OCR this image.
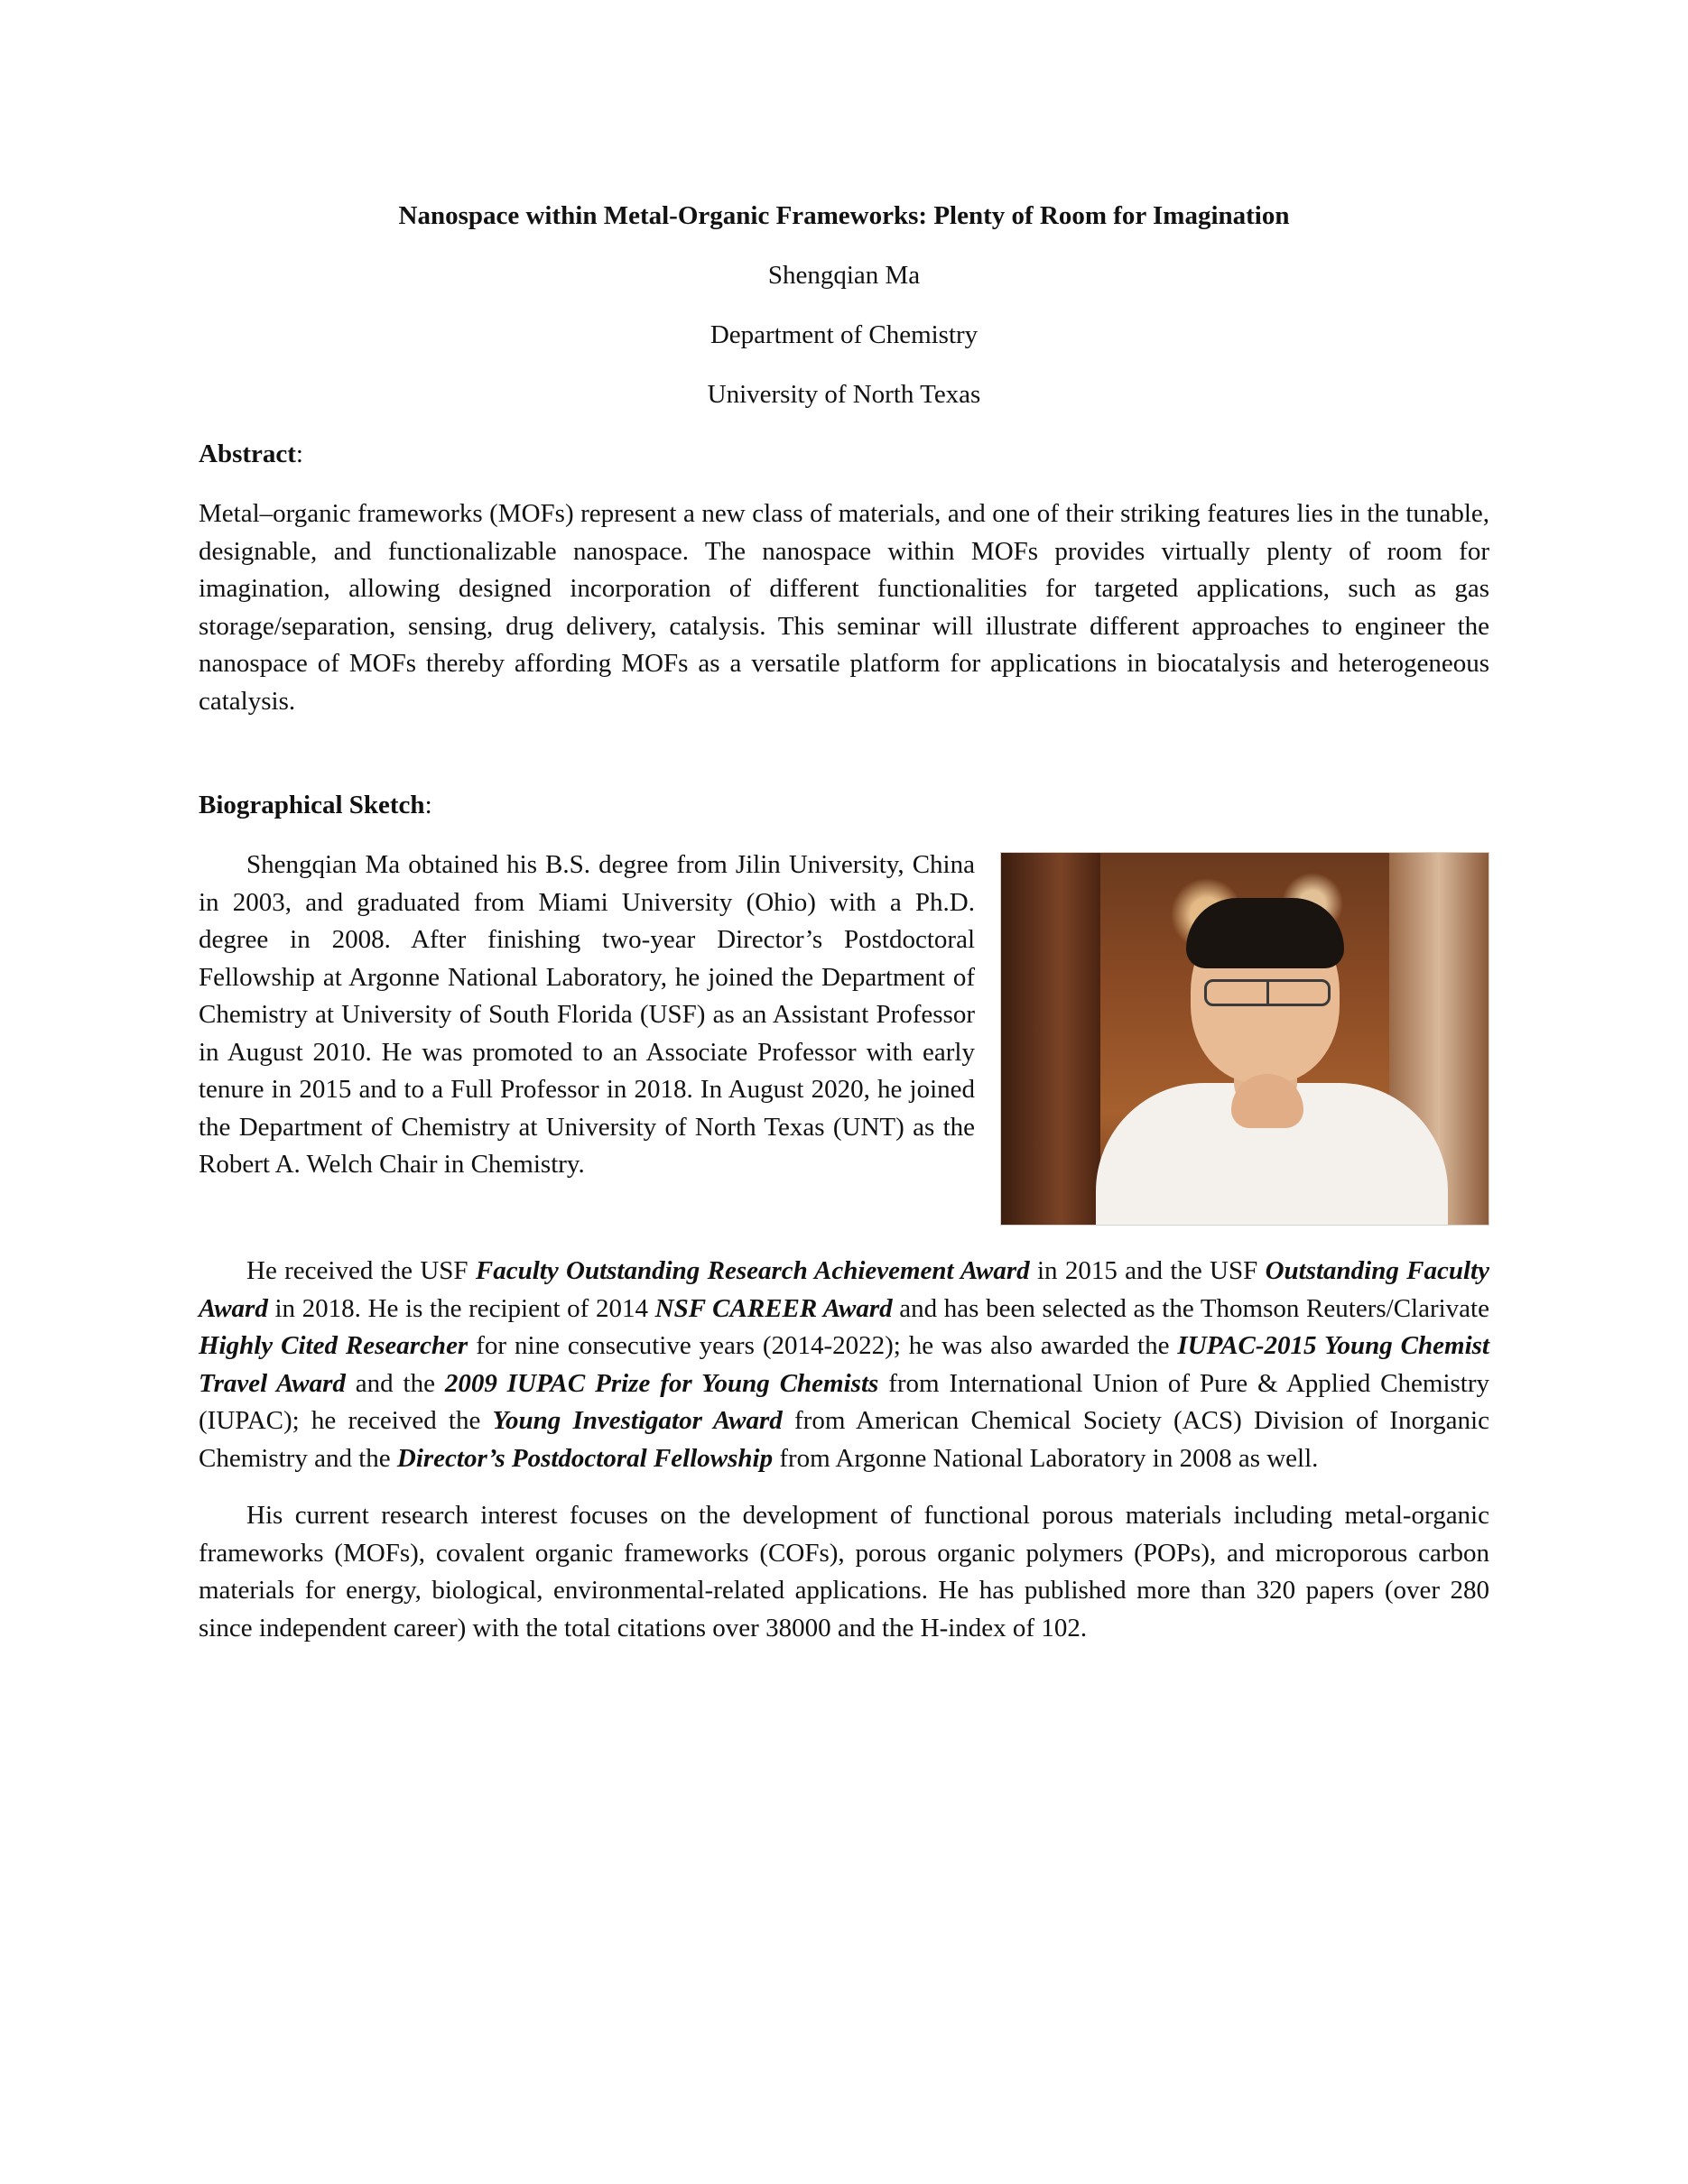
Nanospace within Metal-Organic Frameworks: Plenty of Room for Imagination
Shengqian Ma
Department of Chemistry
University of North Texas
Abstract:

Metal–organic frameworks (MOFs) represent a new class of materials, and one of their striking features lies in the tunable, designable, and functionalizable nanospace. The nanospace within MOFs provides virtually plenty of room for imagination, allowing designed incorporation of different functionalities for targeted applications, such as gas storage/separation, sensing, drug delivery, catalysis. This seminar will illustrate different approaches to engineer the nanospace of MOFs thereby affording MOFs as a versatile platform for applications in biocatalysis and heterogeneous catalysis.

Biographical Sketch:

Shengqian Ma obtained his B.S. degree from Jilin University, China in 2003, and graduated from Miami University (Ohio) with a Ph.D. degree in 2008. After finishing two-year Director’s Postdoctoral Fellowship at Argonne National Laboratory, he joined the Department of Chemistry at University of South Florida (USF) as an Assistant Professor in August 2010. He was promoted to an Associate Professor with early tenure in 2015 and to a Full Professor in 2018. In August 2020, he joined the Department of Chemistry at University of North Texas (UNT) as the Robert A. Welch Chair in Chemistry.

He received the USF Faculty Outstanding Research Achievement Award in 2015 and the USF Outstanding Faculty Award in 2018. He is the recipient of 2014 NSF CAREER Award and has been selected as the Thomson Reuters/Clarivate Highly Cited Researcher for nine consecutive years (2014-2022); he was also awarded the IUPAC-2015 Young Chemist Travel Award and the 2009 IUPAC Prize for Young Chemists from International Union of Pure & Applied Chemistry (IUPAC); he received the Young Investigator Award from American Chemical Society (ACS) Division of Inorganic Chemistry and the Director’s Postdoctoral Fellowship from Argonne National Laboratory in 2008 as well.

His current research interest focuses on the development of functional porous materials including metal-organic frameworks (MOFs), covalent organic frameworks (COFs), porous organic polymers (POPs), and microporous carbon materials for energy, biological, environmental-related applications. He has published more than 320 papers (over 280 since independent career) with the total citations over 38000 and the H-index of 102.
